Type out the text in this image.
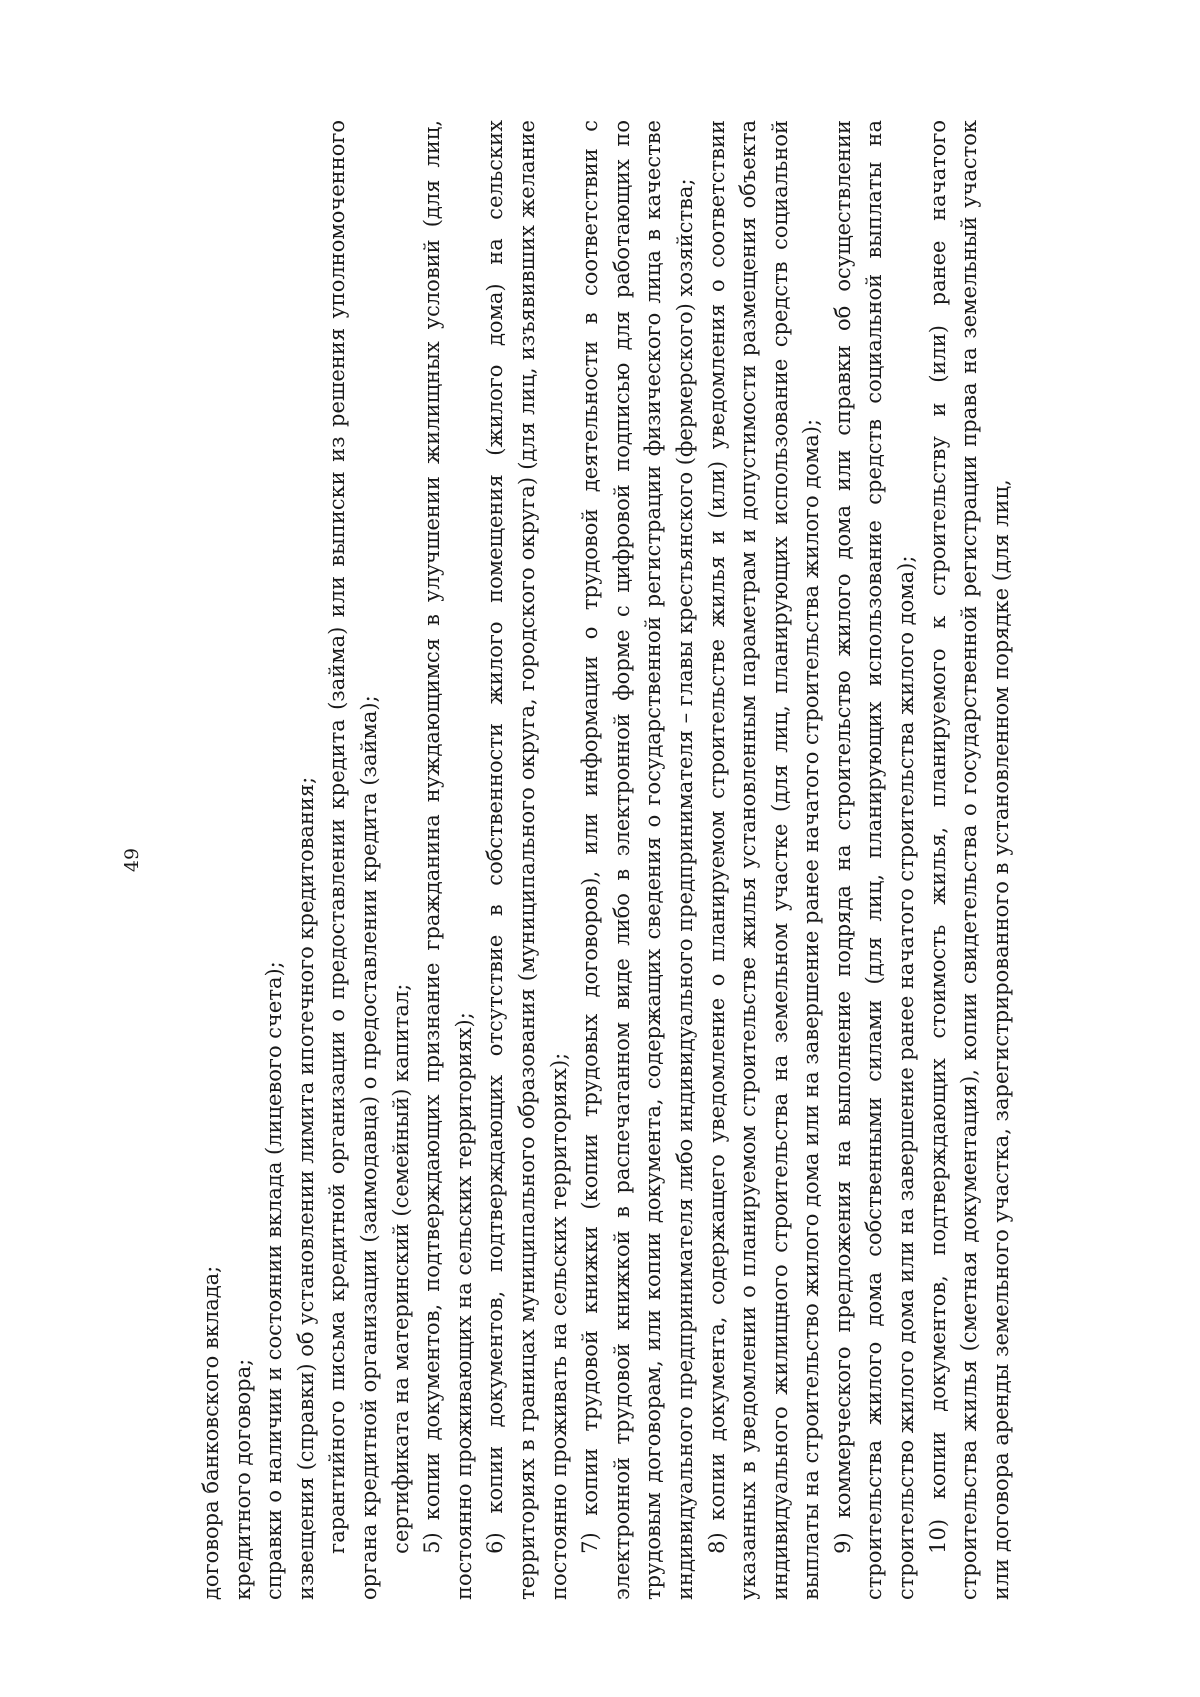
49

договора банковского вклада; кредитного договора; справки о наличии и состоянии вклада (лицевого счета); извещения (справки) об установлении лимита ипотечного кредитования; гарантийного письма кредитной организации о предоставлении кредита (займа) или выписки из решения уполномоченного органа кредитной организации (заимодавца) о предоставлении кредита (займа); сертификата на материнский (семейный) капитал; 5) копии документов, подтверждающих признание гражданина нуждающимся в улучшении жилищных условий (для лиц, постоянно проживающих на сельских территориях); 6) копии документов, подтверждающих отсутствие в собственности жилого помещения (жилого дома) на сельских территориях в границах муниципального образования (муниципального округа, городского округа) (для лиц, изъявивших желание постоянно проживать на сельских территориях); 7) копии трудовой книжки (копии трудовых договоров), или информации о трудовой деятельности в соответствии с электронной трудовой книжкой в распечатанном виде либо в электронной форме с цифровой подписью для работающих по трудовым договорам, или копии документа, содержащих сведения о государственной регистрации физического лица в качестве индивидуального предпринимателя либо индивидуального предпринимателя – главы крестьянского (фермерского) хозяйства; 8) копии документа, содержащего уведомление о планируемом строительстве жилья и (или) уведомления о соответствии указанных в уведомлении о планируемом строительстве жилья установленным параметрам и допустимости размещения объекта индивидуального жилищного строительства на земельном участке (для лиц, планирующих использование средств социальной выплаты на строительство жилого дома или на завершение ранее начатого строительства жилого дома); 9) коммерческого предложения на выполнение подряда на строительство жилого дома или справки об осуществлении строительства жилого дома собственными силами (для лиц, планирующих использование средств социальной выплаты на строительство жилого дома или на завершение ранее начатого строительства жилого дома); 10) копии документов, подтверждающих стоимость жилья, планируемого к строительству и (или) ранее начатого строительства жилья (сметная документация), копии свидетельства о государственной регистрации права на земельный участок или договора аренды земельного участка, зарегистрированного в установленном порядке (для лиц,
